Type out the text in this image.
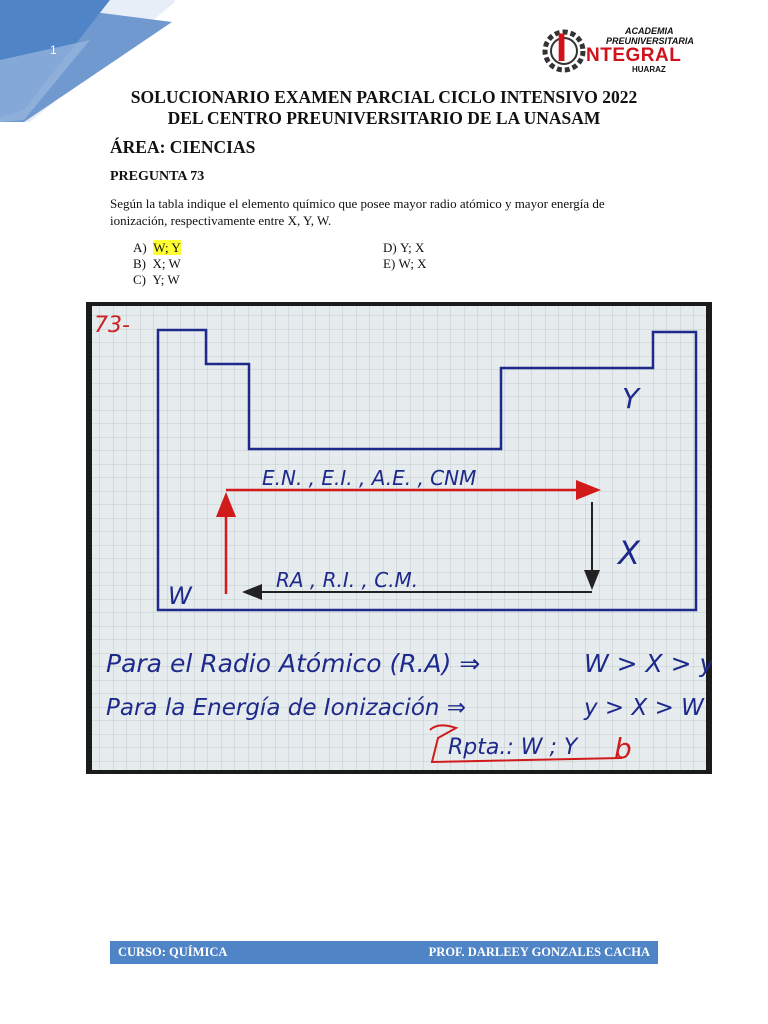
1	I	ACADEMIA
PREUNIVERSITARIA
NTEGRAL
HUARAZ
SOLUCIONARIO EXAMEN PARCIAL CICLO INTENSIVO 2022
DEL CENTRO PREUNIVERSITARIO DE LA UNASAM
ÁREA: CIENCIAS
PREGUNTA 73
Según la tabla indique el elemento químico que posee mayor radio atómico y mayor energía de ionización, respectivamente entre X, Y, W.
A) W; Y
B) X; W
C) Y; W
D) Y; X
E) W; X
73-
Y
X
W
E.N. , E.I. , A.E. , CNM
RA , R.I. , C.M.
Para el Radio Atómico (R.A) ⇒	W > X > y
Para la Energía de Ionización ⇒	y > X > W
Rpta.: W ; Y b
CURSO: QUÍMICA	PROF. DARLEEY GONZALES CACHA
